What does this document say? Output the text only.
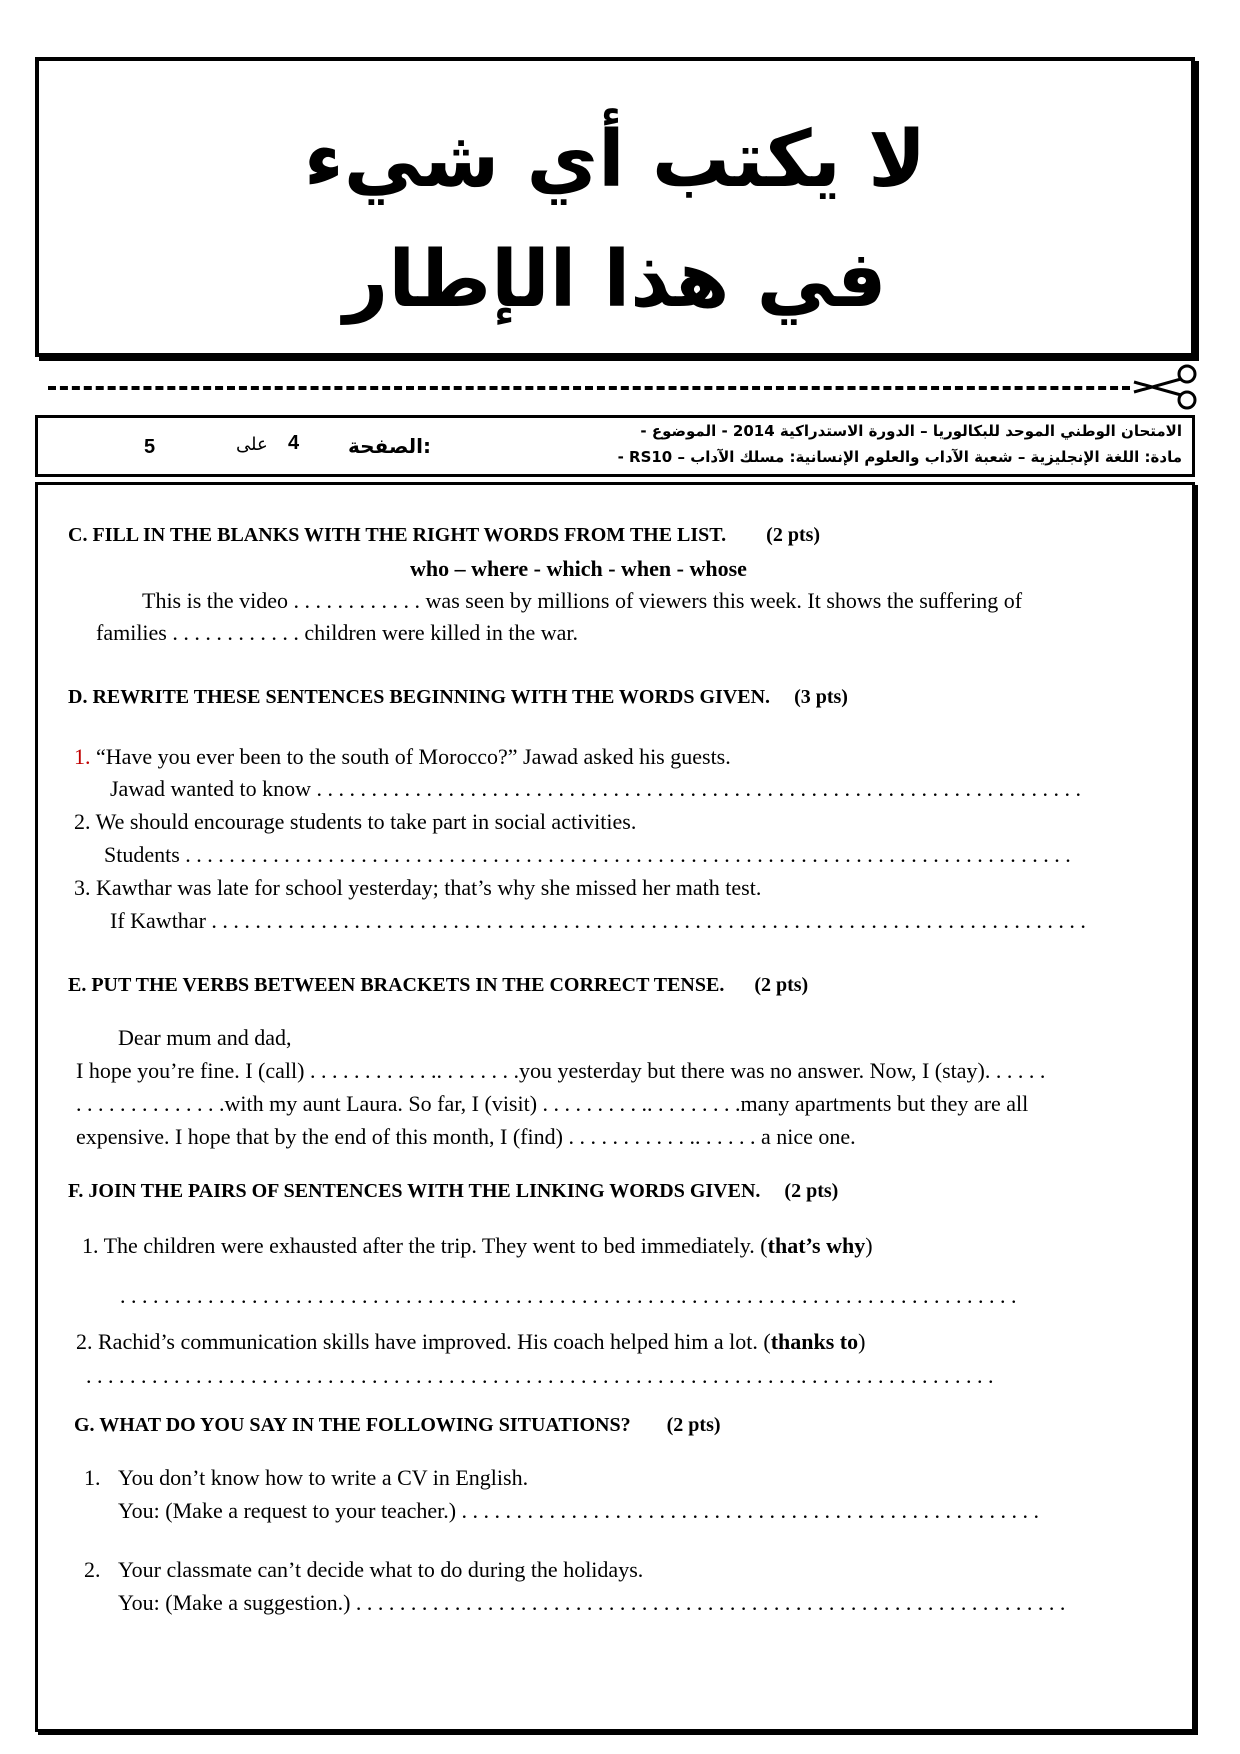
لا يكتب أي شيء
في هذا الإطار
الامتحان الوطني الموحد للبكالوريا – الدورة الاستدراكية 2014 - الموضوع -
مادة: اللغة الإنجليزية – شعبة الآداب والعلوم الإنسانية: مسلك الآداب – RS10 -
الصفحة:
4
على
5
C. FILL IN THE BLANKS WITH THE RIGHT WORDS FROM THE LIST. (2 pts)
who – where - which - when - whose
This is the video . . . . . . . . . . . . was seen by millions of viewers this week. It shows the suffering of
families . . . . . . . . . . . . children were killed in the war.
D. REWRITE THESE SENTENCES BEGINNING WITH THE WORDS GIVEN. (3 pts)
1. “Have you ever been to the south of Morocco?” Jawad asked his guests.
Jawad wanted to know . . . . . . . . . . . . . . . . . . . . . . . . . . . . . . . . . . . . . . . . . . . . . . . . . . . . . . . . . . . . . . . . . . . . . .
2. We should encourage students to take part in social activities.
Students . . . . . . . . . . . . . . . . . . . . . . . . . . . . . . . . . . . . . . . . . . . . . . . . . . . . . . . . . . . . . . . . . . . . . . . . . . . . . . . . .
3. Kawthar was late for school yesterday; that’s why she missed her math test.
If Kawthar . . . . . . . . . . . . . . . . . . . . . . . . . . . . . . . . . . . . . . . . . . . . . . . . . . . . . . . . . . . . . . . . . . . . . . . . . . . . . . . .
E. PUT THE VERBS BETWEEN BRACKETS IN THE CORRECT TENSE. (2 pts)
Dear mum and dad,
I hope you’re fine. I (call) . . . . . . . . . . . .. . . . . . . .you yesterday but there was no answer. Now, I (stay). . . . . .
. . . . . . . . . . . . . .with my aunt Laura. So far, I (visit) . . . . . . . . . .. . . . . . . . .many apartments but they are all
expensive. I hope that by the end of this month, I (find) . . . . . . . . . . . .. . . . . . a nice one.
F. JOIN THE PAIRS OF SENTENCES WITH THE LINKING WORDS GIVEN. (2 pts)
1. The children were exhausted after the trip. They went to bed immediately. (that’s why)
. . . . . . . . . . . . . . . . . . . . . . . . . . . . . . . . . . . . . . . . . . . . . . . . . . . . . . . . . . . . . . . . . . . . . . . . . . . . . . . . . .
2. Rachid’s communication skills have improved. His coach helped him a lot. (thanks to)
. . . . . . . . . . . . . . . . . . . . . . . . . . . . . . . . . . . . . . . . . . . . . . . . . . . . . . . . . . . . . . . . . . . . . . . . . . . . . . . . . . .
G. WHAT DO YOU SAY IN THE FOLLOWING SITUATIONS? (2 pts)
1. You don’t know how to write a CV in English.
You: (Make a request to your teacher.) . . . . . . . . . . . . . . . . . . . . . . . . . . . . . . . . . . . . . . . . . . . . . . . . . . . . .
2. Your classmate can’t decide what to do during the holidays.
You: (Make a suggestion.) . . . . . . . . . . . . . . . . . . . . . . . . . . . . . . . . . . . . . . . . . . . . . . . . . . . . . . . . . . . . . . . . .
